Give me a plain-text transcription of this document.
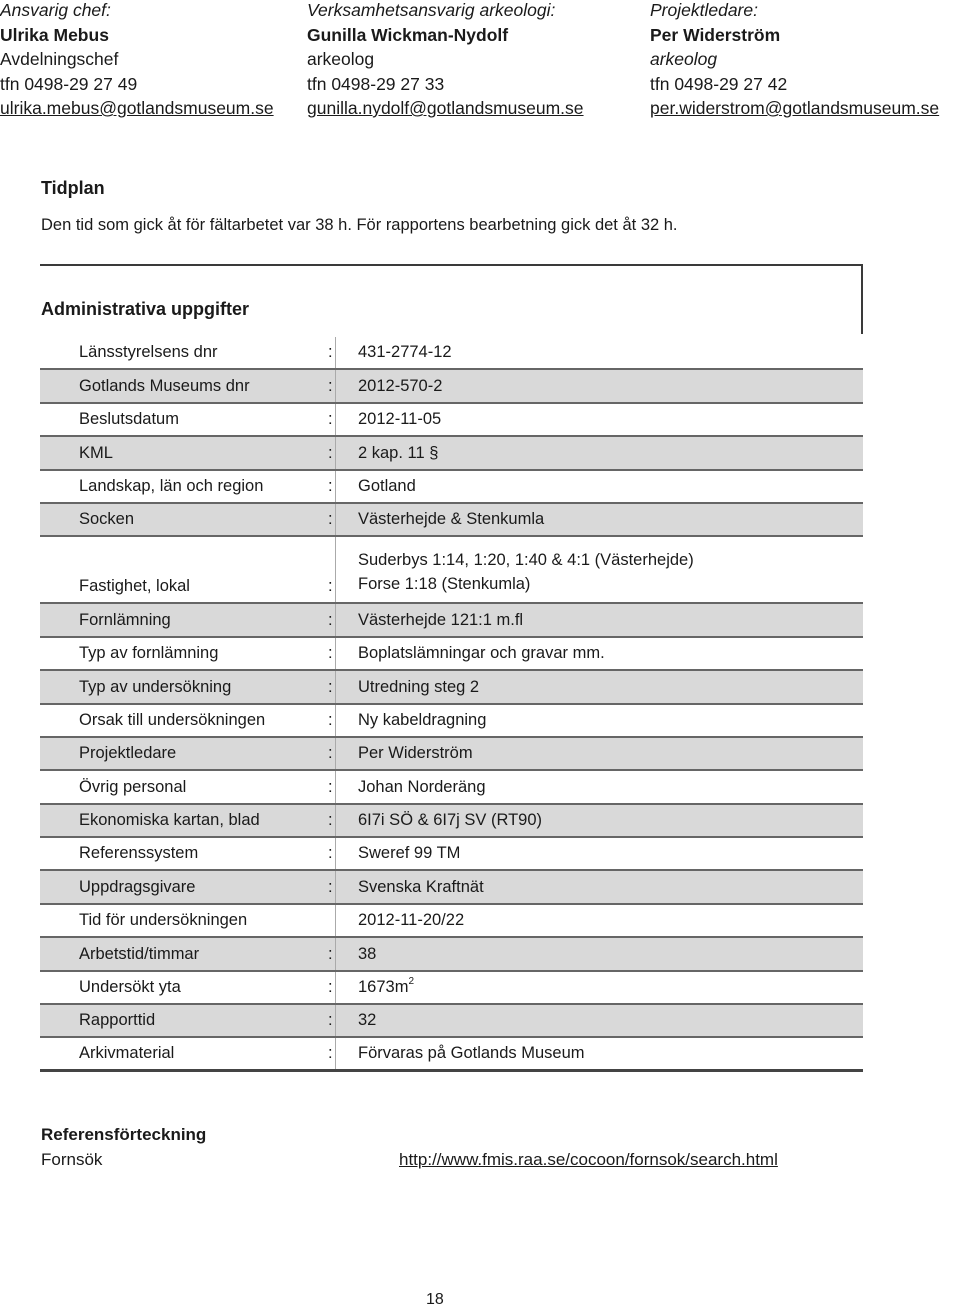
Ansvarig chef:
Ulrika Mebus
Avdelningschef
tfn 0498-29 27 49
ulrika.mebus@gotlandsmuseum.se
Verksamhetsansvarig arkeologi:
Gunilla Wickman-Nydolf
arkeolog
tfn 0498-29 27 33
gunilla.nydolf@gotlandsmuseum.se
Projektledare:
Per Widerström
arkeolog
tfn 0498-29 27 42
per.widerstrom@gotlandsmuseum.se
Tidplan
Den tid som gick åt för fältarbetet var 38 h. För rapportens bearbetning gick det åt 32 h.
Administrativa uppgifter
Länsstyrelsens dnr	: 431-2774-12
Gotlands Museums dnr	: 2012-570-2
Beslutsdatum	: 2012-11-05
KML	: 2 kap. 11 §
Landskap, län och region	: Gotland
Socken	: Västerhejde & Stenkumla
Fastighet, lokal	:
Suderbys 1:14, 1:20, 1:40 & 4:1 (Västerhejde)
Forse 1:18 (Stenkumla)
Fornlämning	: Västerhejde 121:1 m.fl
Typ av fornlämning	: Boplatslämningar och gravar mm.
Typ av undersökning	: Utredning steg 2
Orsak till undersökningen	: Ny kabeldragning
Projektledare	: Per Widerström
Övrig personal	: Johan Norderäng
Ekonomiska kartan, blad	: 6I7i SÖ & 6I7j SV (RT90)
Referenssystem	: Sweref 99 TM
Uppdragsgivare	: Svenska Kraftnät
Tid för undersökningen	2012-11-20/22
Arbetstid/timmar	: 38
Undersökt yta	: $1673m^2$
Rapporttid	: 32
Arkivmaterial	: Förvaras på Gotlands Museum
Referensförteckning
Fornsök	http://www.fmis.raa.se/cocoon/fornsok/search.html
18
